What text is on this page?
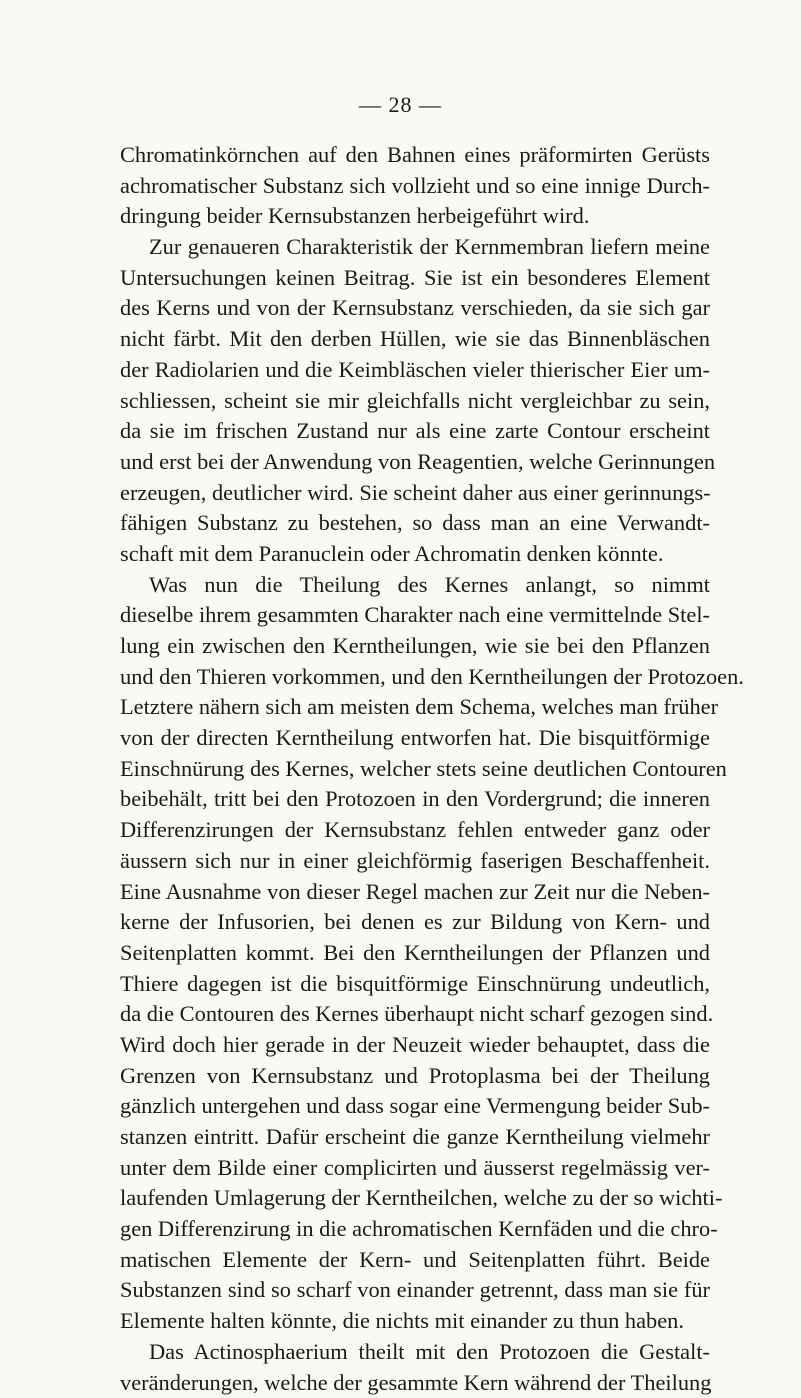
— 28 —
Chromatinkörnchen auf den Bahnen eines präformirten Gerüsts
achromatischer Substanz sich vollzieht und so eine innige Durch-
dringung beider Kernsubstanzen herbeigeführt wird.
Zur genaueren Charakteristik der Kernmembran liefern meine
Untersuchungen keinen Beitrag. Sie ist ein besonderes Element
des Kerns und von der Kernsubstanz verschieden, da sie sich gar
nicht färbt. Mit den derben Hüllen, wie sie das Binnenbläschen
der Radiolarien und die Keimbläschen vieler thierischer Eier um-
schliessen, scheint sie mir gleichfalls nicht vergleichbar zu sein,
da sie im frischen Zustand nur als eine zarte Contour erscheint
und erst bei der Anwendung von Reagentien, welche Gerinnungen
erzeugen, deutlicher wird. Sie scheint daher aus einer gerinnungs-
fähigen Substanz zu bestehen, so dass man an eine Verwandt-
schaft mit dem Paranuclein oder Achromatin denken könnte.
Was nun die Theilung des Kernes anlangt, so nimmt
dieselbe ihrem gesammten Charakter nach eine vermittelnde Stel-
lung ein zwischen den Kerntheilungen, wie sie bei den Pflanzen
und den Thieren vorkommen, und den Kerntheilungen der Protozoen.
Letztere nähern sich am meisten dem Schema, welches man früher
von der directen Kerntheilung entworfen hat. Die bisquitförmige
Einschnürung des Kernes, welcher stets seine deutlichen Contouren
beibehält, tritt bei den Protozoen in den Vordergrund; die inneren
Differenzirungen der Kernsubstanz fehlen entweder ganz oder
äussern sich nur in einer gleichförmig faserigen Beschaffenheit.
Eine Ausnahme von dieser Regel machen zur Zeit nur die Neben-
kerne der Infusorien, bei denen es zur Bildung von Kern- und
Seitenplatten kommt. Bei den Kerntheilungen der Pflanzen und
Thiere dagegen ist die bisquitförmige Einschnürung undeutlich,
da die Contouren des Kernes überhaupt nicht scharf gezogen sind.
Wird doch hier gerade in der Neuzeit wieder behauptet, dass die
Grenzen von Kernsubstanz und Protoplasma bei der Theilung
gänzlich untergehen und dass sogar eine Vermengung beider Sub-
stanzen eintritt. Dafür erscheint die ganze Kerntheilung vielmehr
unter dem Bilde einer complicirten und äusserst regelmässig ver-
laufenden Umlagerung der Kerntheilchen, welche zu der so wichti-
gen Differenzirung in die achromatischen Kernfäden und die chro-
matischen Elemente der Kern- und Seitenplatten führt. Beide
Substanzen sind so scharf von einander getrennt, dass man sie für
Elemente halten könnte, die nichts mit einander zu thun haben.
Das Actinosphaerium theilt mit den Protozoen die Gestalt-
veränderungen, welche der gesammte Kern während der Theilung
